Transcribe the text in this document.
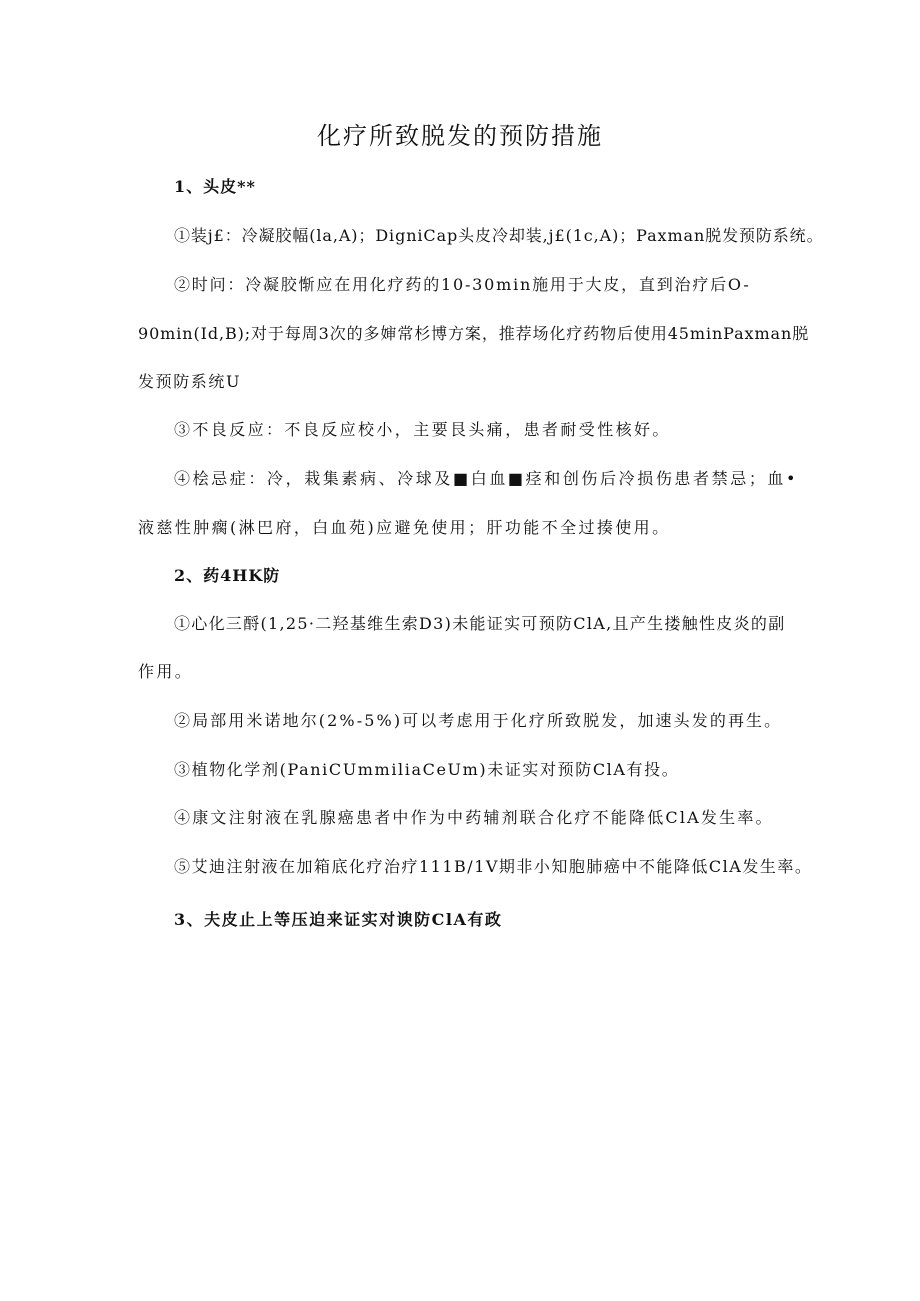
化疗所致脱发的预防措施
1、头皮**
①装j£：冷凝胶幅(la,A)；DigniCap头皮冷却装,j£(1c,A)；Paxman脱发预防系统。
②时问：冷凝胶惭应在用化疗药的10-30min施用于大皮，直到治疗后O-
90min(Id,B);对于每周3次的多婶常杉博方案，推荐场化疗药物后使用45minPaxman脱
发预防系统U
③不良反应：不良反应校小，主要艮头痛，患者耐受性核好。
④桧忌症：冷，栽集素病、冷球及■白血■痉和创伤后冷损伤患者禁忌；血•
液慈性肿瘸(淋巴府，白血苑)应避免使用；肝功能不全过揍使用。
2、药4HK防
①心化三酹(1,25·二羟基维生索D3)未能证实可预防ClA,且产生搂触性皮炎的副
作用。
②局部用米诺地尔(2%-5%)可以考虑用于化疗所致脱发，加速头发的再生。
③植物化学剂(PaniCUmmiliaCeUm)未证实对预防ClA有投。
④康文注射液在乳腺癌患者中作为中药辅剂联合化疗不能降低ClA发生率。
⑤艾迪注射液在加箱底化疗治疗111B/1V期非小知胞肺癌中不能降低ClA发生率。
3、夫皮止上等压迫来证实对谀防ClA有政
